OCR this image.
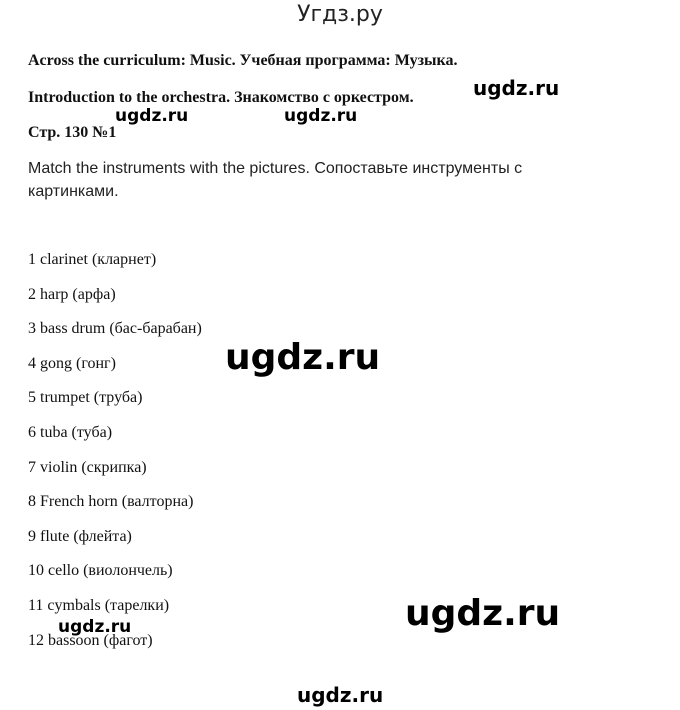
Угдз.ру
Across the curriculum: Music. Учебная программа: Музыка.
Introduction to the orchestra. Знакомство с оркестром.
Стр. 130 №1
Match the instruments with the pictures. Сопоставьте инструменты с картинками.
1 clarinet (кларнет)
2 harp (арфа)
3 bass drum (бас-барабан)
4 gong (гонг)
5 trumpet (труба)
6 tuba (туба)
7 violin (скрипка)
8 French horn (валторна)
9 flute (флейта)
10 cello (виолончель)
11 cymbals (тарелки)
12 bassoon (фагот)
ugdz.ru
ugdz.ru	ugdz.ru
ugdz.ru
ugdz.ru
ugdz.ru
ugdz.ru
